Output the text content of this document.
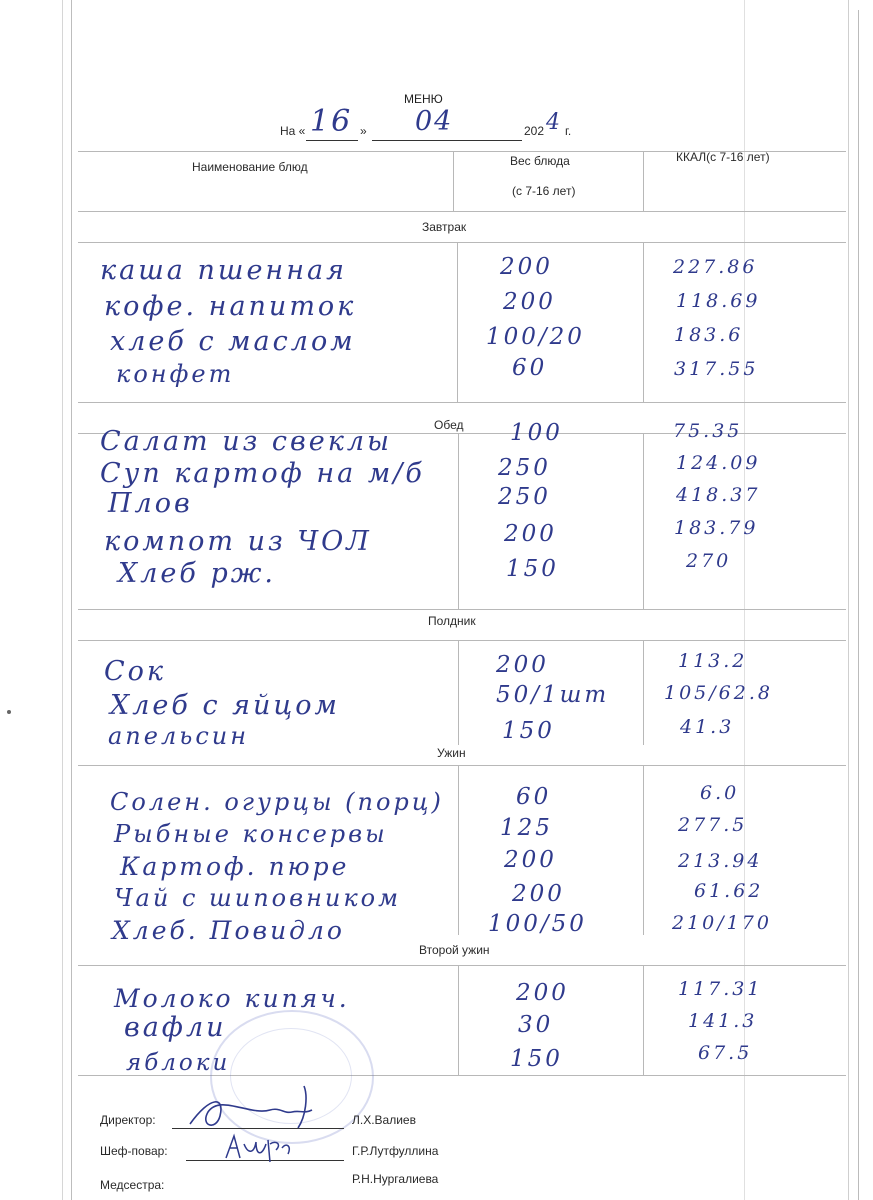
МЕНЮ
На « 16 » 04	202 4 г.
Наименование блюд	Вес блюда
(с 7-16 лет)
ККАЛ(с 7-16 лет)
Завтрак
Обед
Полдник
Ужин
Второй ужин
каша пшенная	200	227.86
кофе. напиток	200	118.69
хлеб с маслом	100/20	183.6
конфет	60	317.55
Салат из свеклы	100	75.35
Суп картоф на м/б	250	124.09
Плов	250	418.37
компот из ЧОЛ	200	183.79
Хлеб рж.	150	270
Сок	200	113.2
Хлеб с яйцом	50/1шт	105/62.8
апельсин	150	41.3
Солен. огурцы (порц)	60	6.0
Рыбные консервы	125	277.5
Картоф. пюре	200	213.94
Чай с шиповником	200	61.62
Хлеб. Повидло	100/50	210/170
Молоко кипяч.	200	117.31
вафли	30	141.3
яблоки	150	67.5
Директор:	Л.Х.Валиев
Шеф-повар:	Г.Р.Лутфуллина
Медсестра:	Р.Н.Нургалиева
